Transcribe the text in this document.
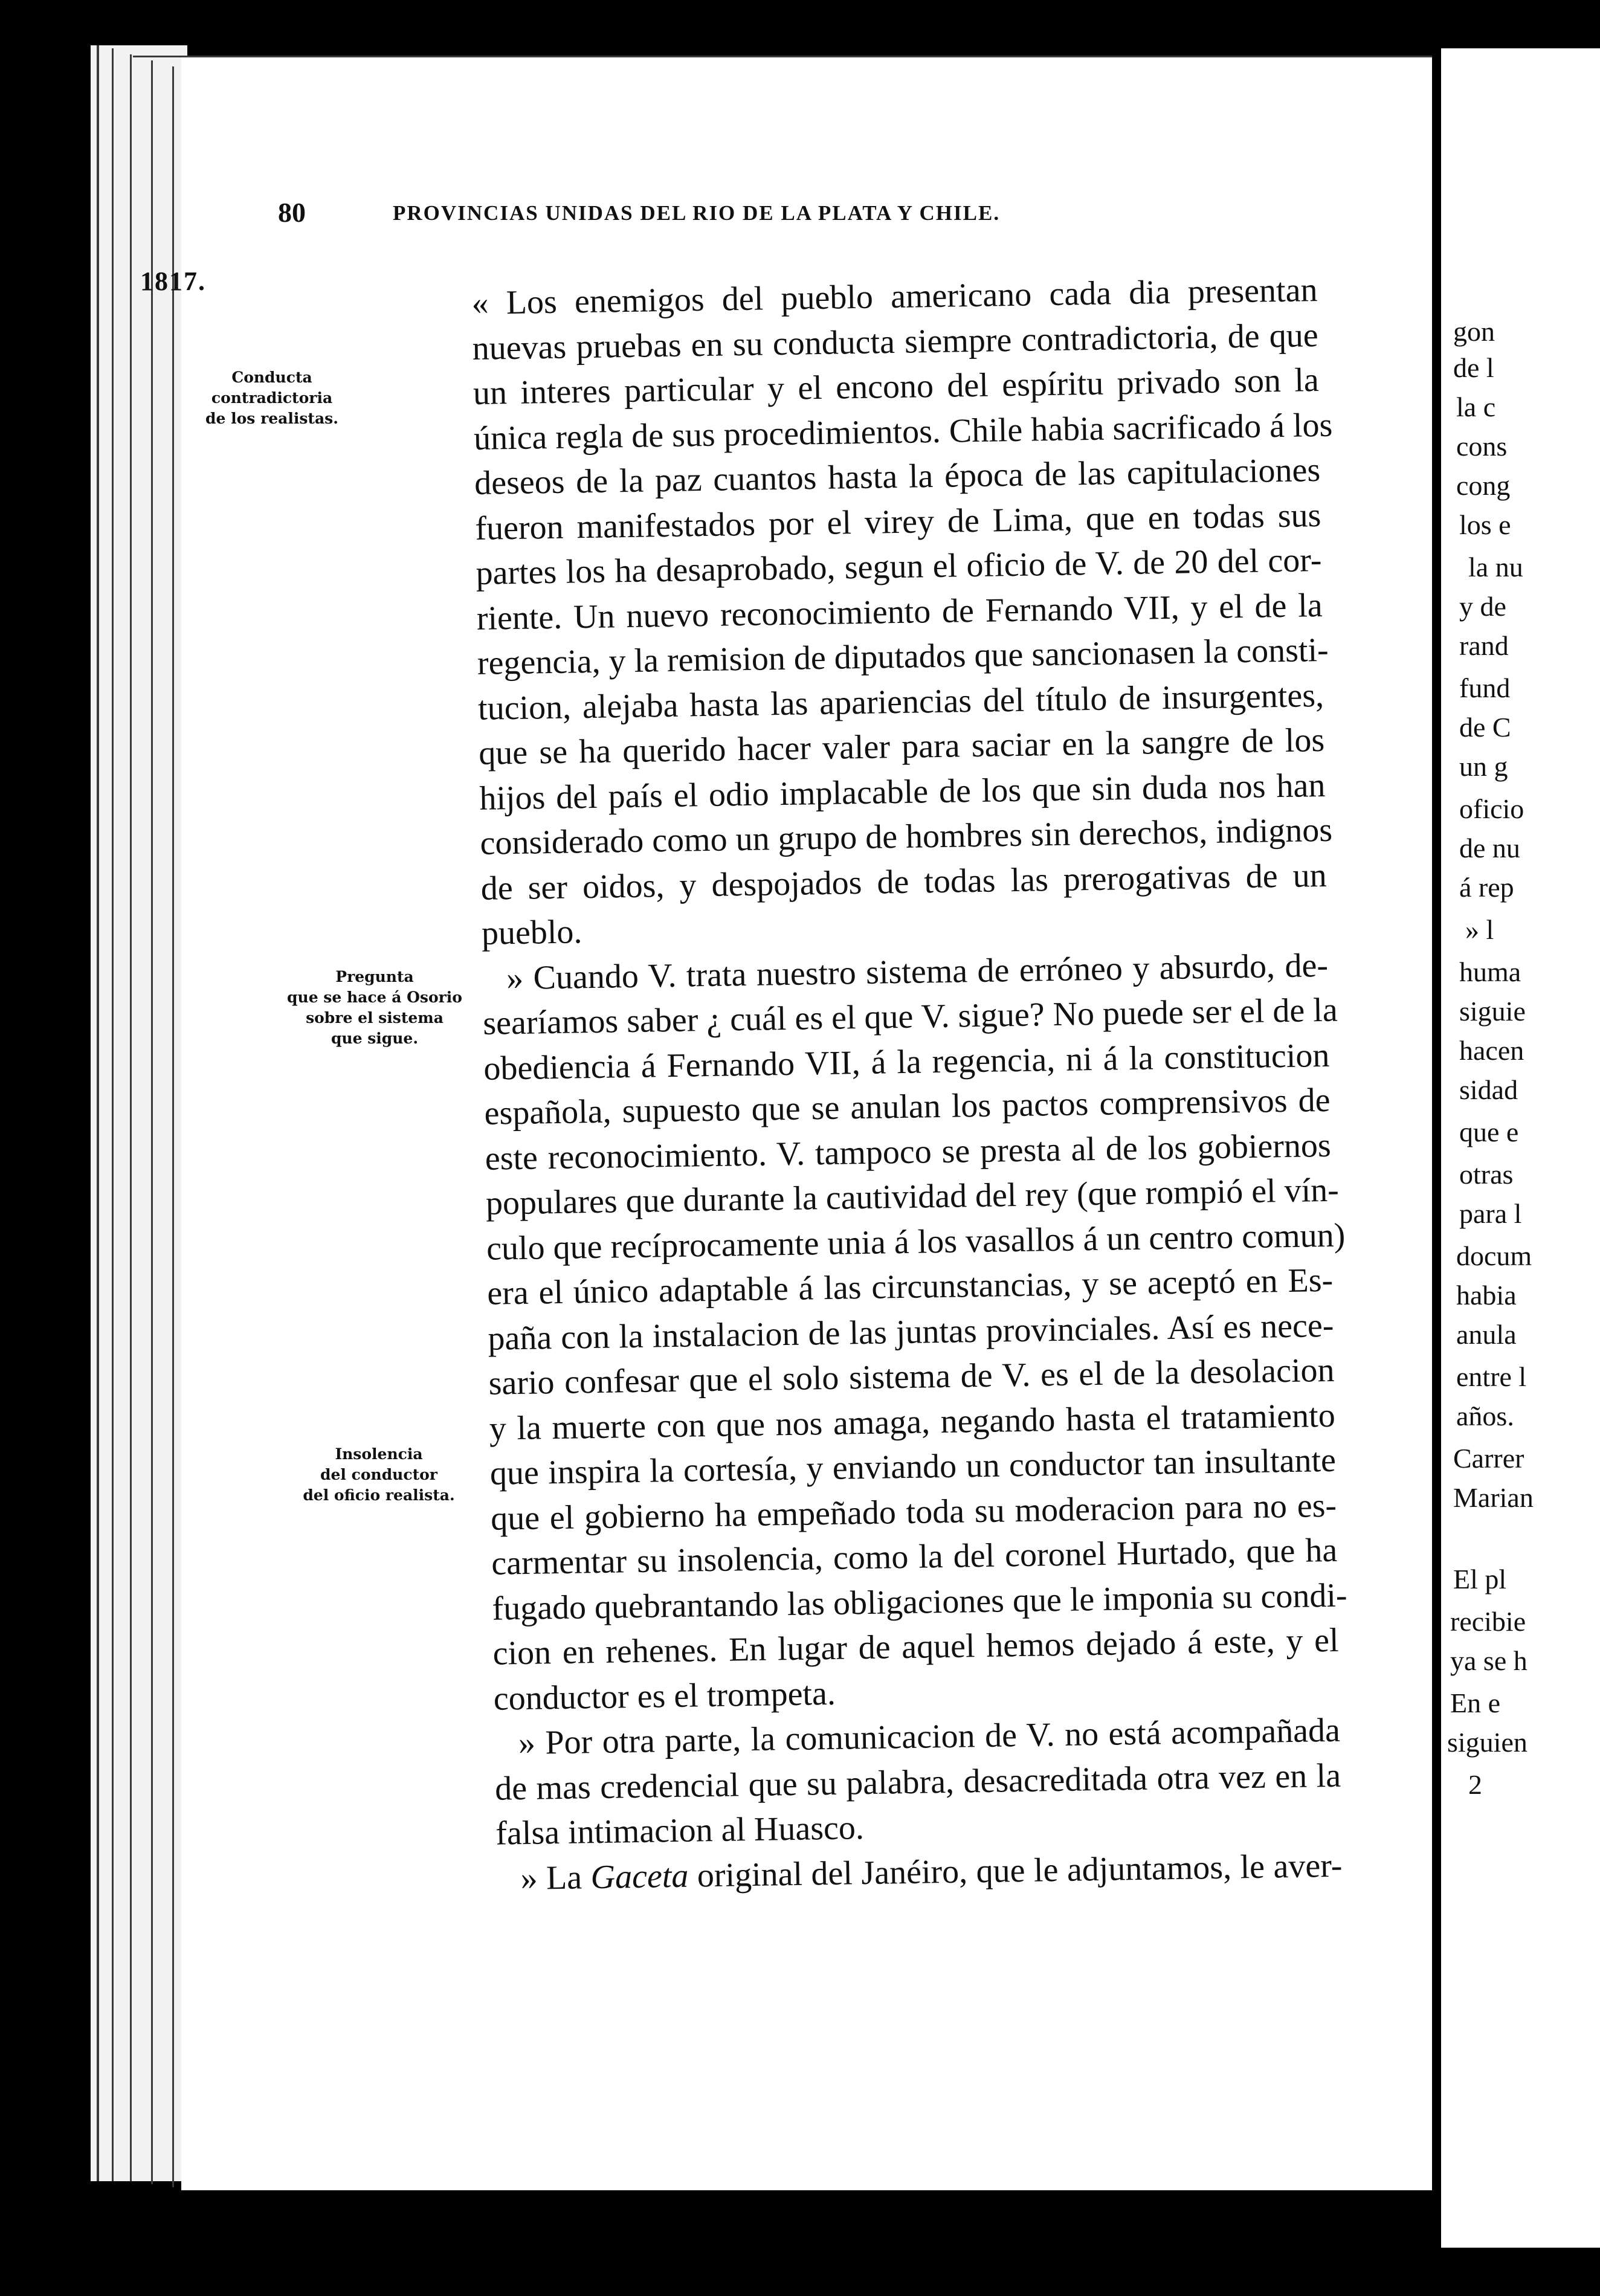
80	PROVINCIAS UNIDAS DEL RIO DE LA PLATA Y CHILE.
1817.
Conducta
contradictoria
de los realistas.
Pregunta
que se hace á Osorio
sobre el sistema
que sigue.
Insolencia
del conductor
del oficio realista.
« Los enemigos del pueblo americano cada dia presentan
nuevas pruebas en su conducta siempre contradictoria, de que
un interes particular y el encono del espíritu privado son la
única regla de sus procedimientos. Chile habia sacrificado á los
deseos de la paz cuantos hasta la época de las capitulaciones
fueron manifestados por el virey de Lima, que en todas sus
partes los ha desaprobado, segun el oficio de V. de 20 del cor-
riente. Un nuevo reconocimiento de Fernando VII, y el de la
regencia, y la remision de diputados que sancionasen la consti-
tucion, alejaba hasta las apariencias del título de insurgentes,
que se ha querido hacer valer para saciar en la sangre de los
hijos del país el odio implacable de los que sin duda nos han
considerado como un grupo de hombres sin derechos, indignos
de ser oidos, y despojados de todas las prerogativas de un
pueblo.
» Cuando V. trata nuestro sistema de erróneo y absurdo, de-
searíamos saber ¿ cuál es el que V. sigue? No puede ser el de la
obediencia á Fernando VII, á la regencia, ni á la constitucion
española, supuesto que se anulan los pactos comprensivos de
este reconocimiento. V. tampoco se presta al de los gobiernos
populares que durante la cautividad del rey (que rompió el vín-
culo que recíprocamente unia á los vasallos á un centro comun)
era el único adaptable á las circunstancias, y se aceptó en Es-
paña con la instalacion de las juntas provinciales. Así es nece-
sario confesar que el solo sistema de V. es el de la desolacion
y la muerte con que nos amaga, negando hasta el tratamiento
que inspira la cortesía, y enviando un conductor tan insultante
que el gobierno ha empeñado toda su moderacion para no es-
carmentar su insolencia, como la del coronel Hurtado, que ha
fugado quebrantando las obligaciones que le imponia su condi-
cion en rehenes. En lugar de aquel hemos dejado á este, y el
conductor es el trompeta.
» Por otra parte, la comunicacion de V. no está acompañada
de mas credencial que su palabra, desacreditada otra vez en la
falsa intimacion al Huasco.
» La Gaceta original del Janéiro, que le adjuntamos, le aver-
gon
de l
la c
cons
cong
los e
la nu
y de
rand
fund
de C
un g
oficio
de nu
á rep
» l
huma
siguie
hacen
sidad
que e
otras
para l
docum
habia
anula
entre l
años.
Carrer
Marian
El pl
recibie
ya se h
En e
siguien
2
